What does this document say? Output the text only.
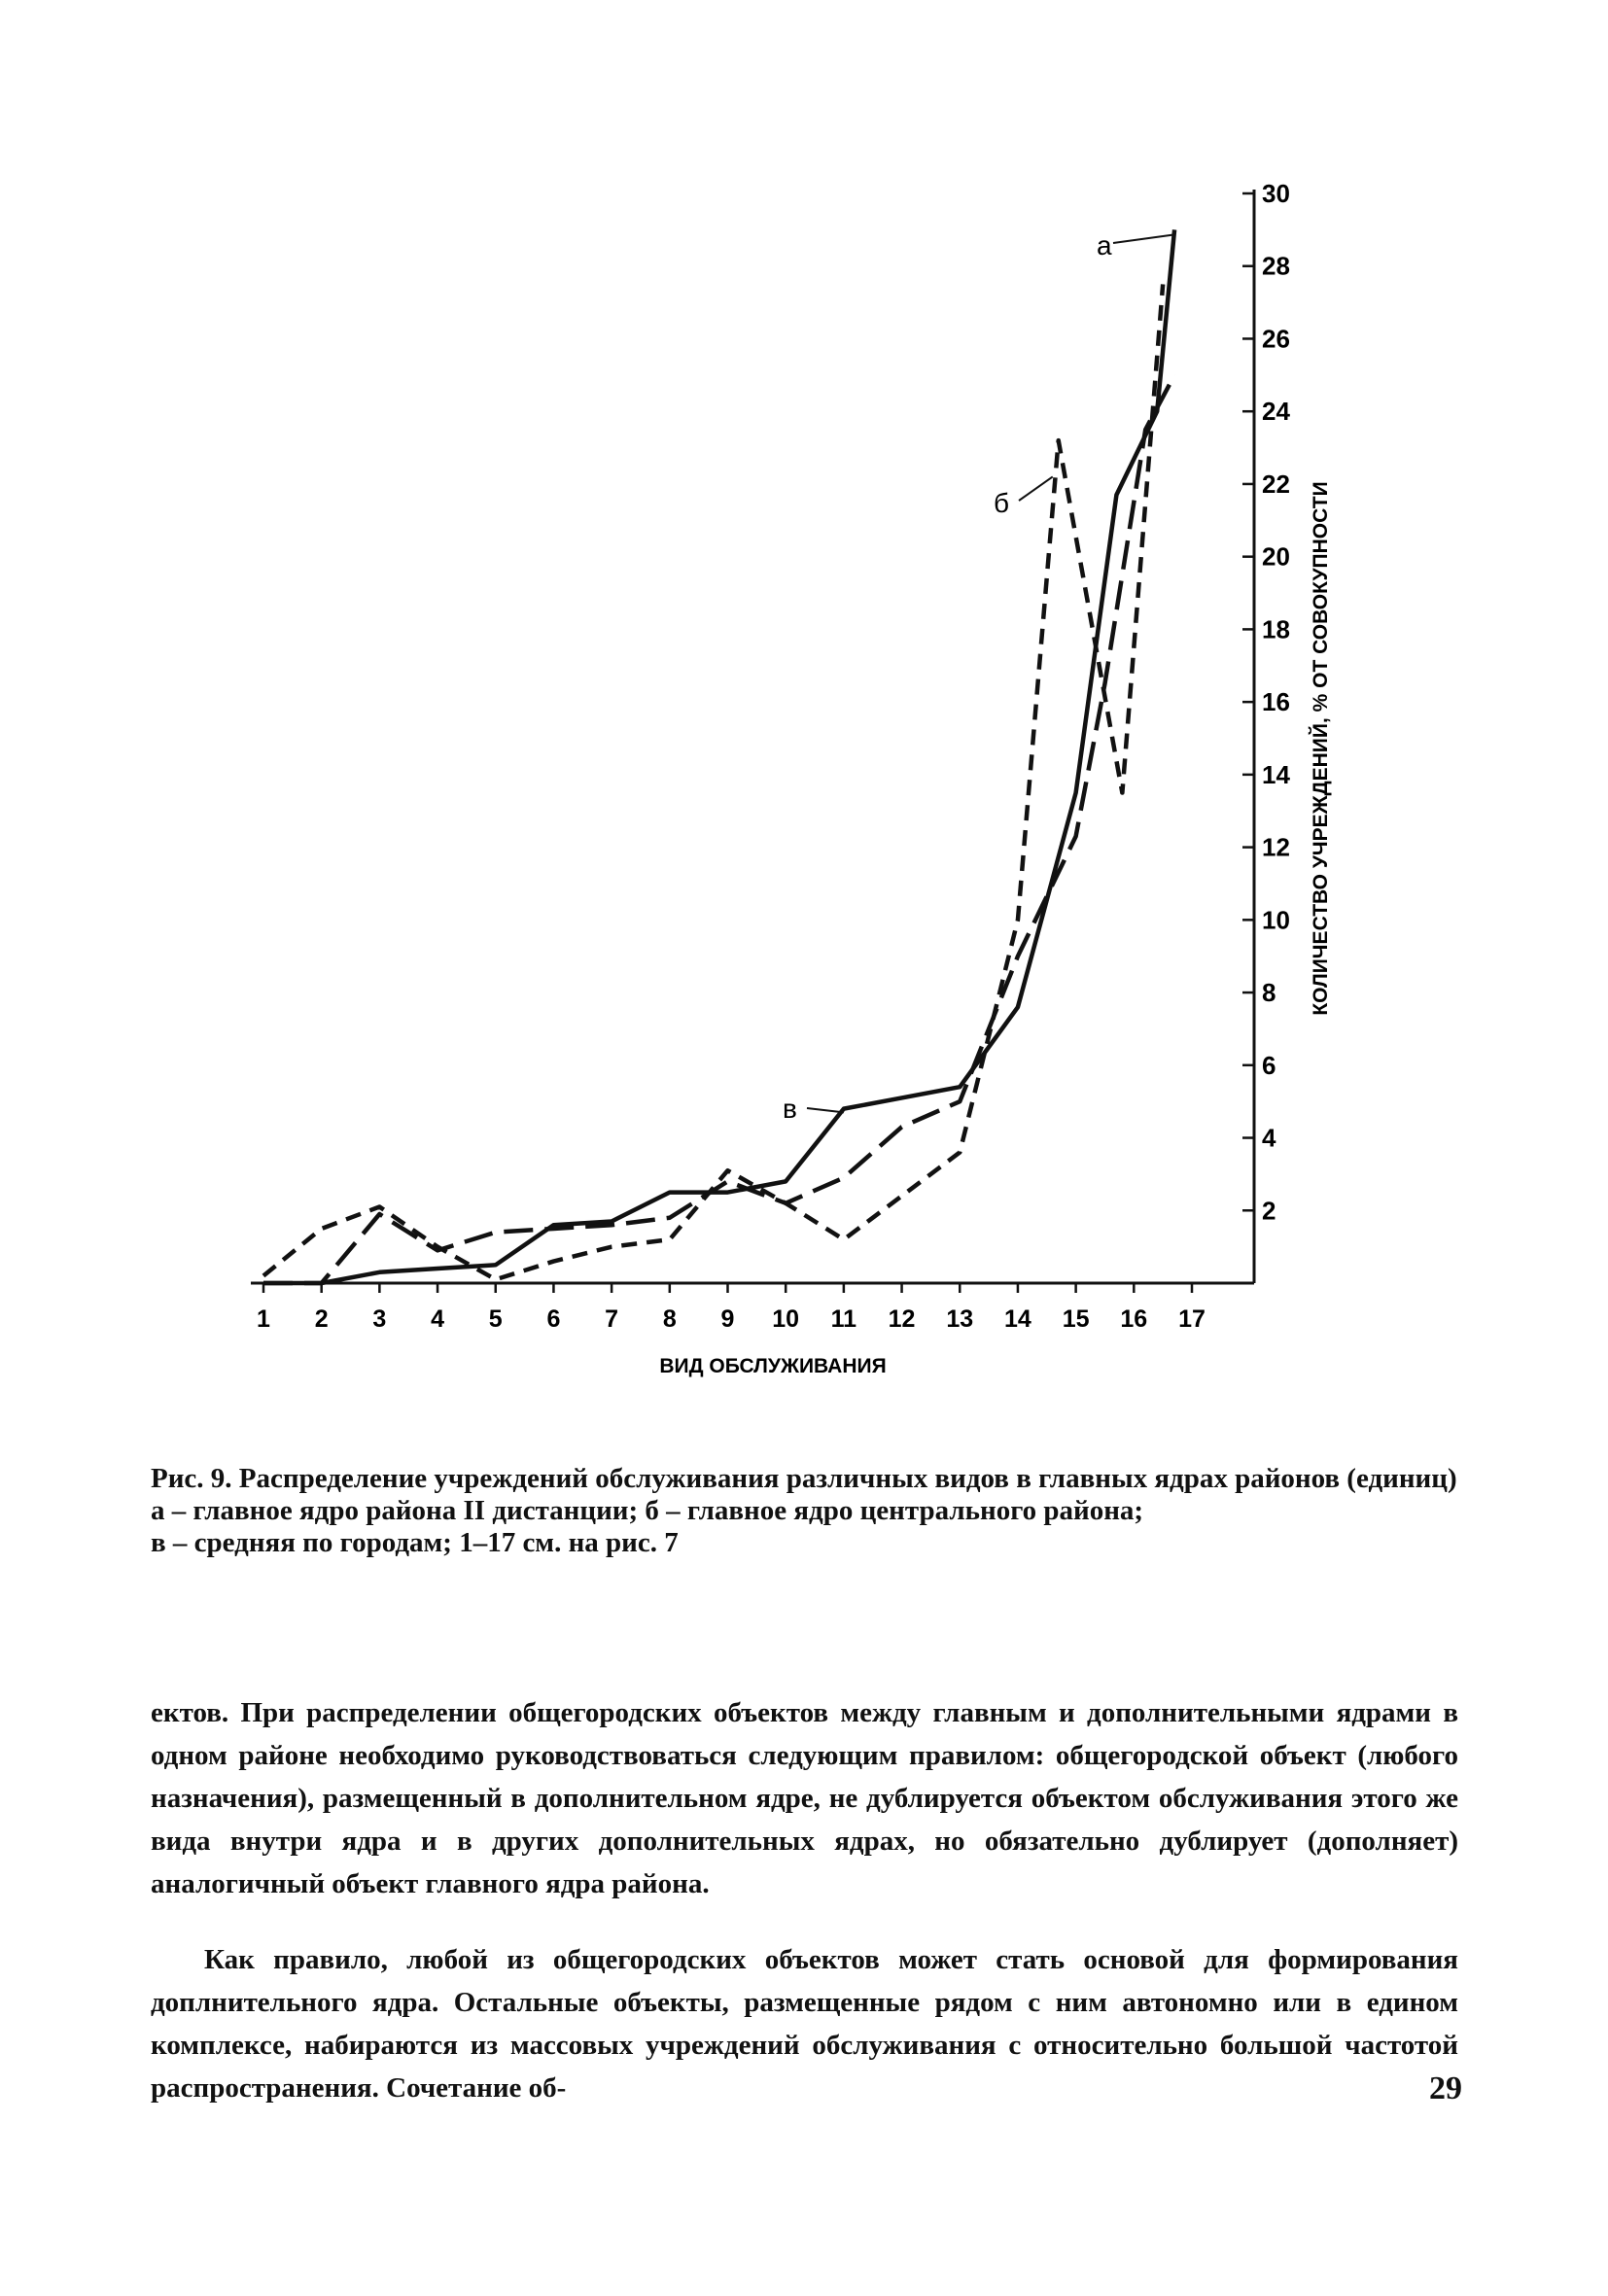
1 2 3 4 5 6 7 8 9 10 11 12 13 14 15 16 17
2
4
6
8
10
12
14
16
18
20
22
24
26
28
30
а
б
в
ВИД ОБСЛУЖИВАНИЯ
КОЛИЧЕСТВО УЧРЕЖДЕНИЙ, % ОТ СОВОКУПНОСТИ
Рис. 9. Распределение учреждений обслуживания различных видов в главных ядрах районов (единиц)
а – главное ядро района II дистанции; б – главное ядро центрального района;
в – средняя по городам; 1–17 см. на рис. 7

ектов. При распределении общегородских объектов между главным и дополнительными ядрами в одном районе необходимо руководствоваться следующим правилом: общегородской объект (любого назначения), размещенный в дополнительном ядре, не дублируется объектом обслуживания этого же вида внутри ядра и в других дополнительных ядрах, но обязательно дублирует (дополняет) аналогичный объект главного ядра района.

Как правило, любой из общегородских объектов может стать основой для формирования доплнительного ядра. Остальные объекты, размещенные рядом с ним автономно или в едином комплексе, набираются из массовых учреждений обслуживания с относительно большой частотой распространения. Сочетание об-	29
